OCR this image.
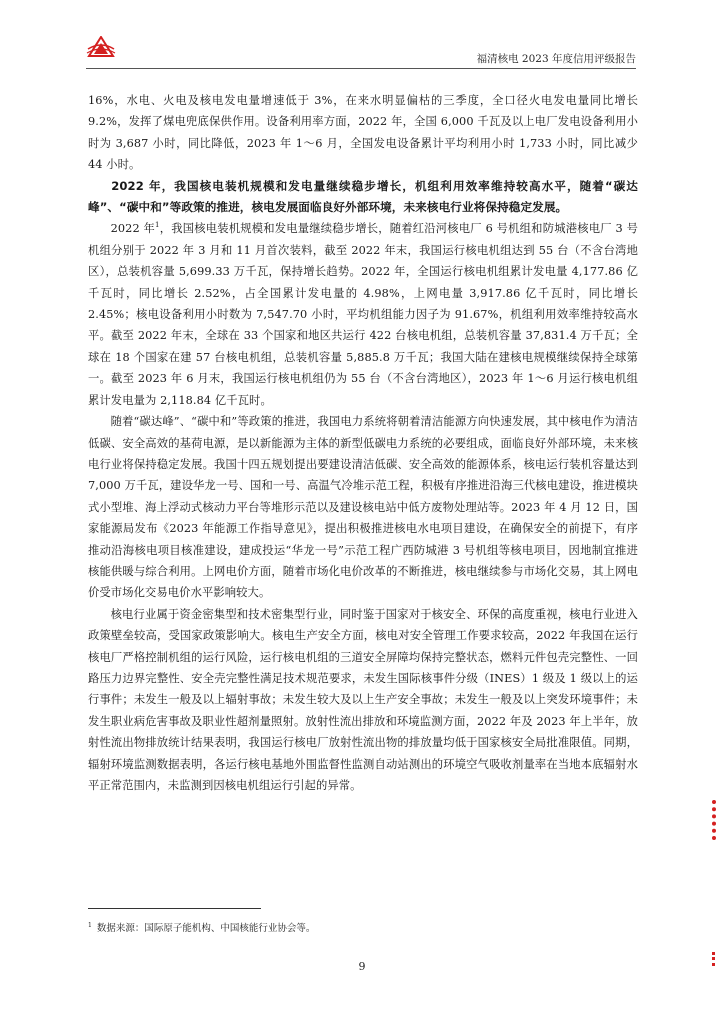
福清核电 2023 年度信用评级报告

16%，水电、火电及核电发电量增速低于 3%，在来水明显偏枯的三季度，全口径火电发电量同比增长 9.2%，发挥了煤电兜底保供作用。设备利用率方面，2022 年，全国 6,000 千瓦及以上电厂发电设备利用小时为 3,687 小时，同比降低，2023 年 1～6 月，全国发电设备累计平均利用小时 1,733 小时，同比减少 44 小时。

2022 年，我国核电装机规模和发电量继续稳步增长，机组利用效率维持较高水平，随着“碳达峰”、“碳中和”等政策的推进，核电发展面临良好外部环境，未来核电行业将保持稳定发展。

2022 年$^1$，我国核电装机规模和发电量继续稳步增长，随着红沿河核电厂 6 号机组和防城港核电厂 3 号机组分别于 2022 年 3 月和 11 月首次装料，截至 2022 年末，我国运行核电机组达到 55 台（不含台湾地区），总装机容量 5,699.33 万千瓦，保持增长趋势。2022 年，全国运行核电机组累计发电量 4,177.86 亿千瓦时，同比增长 2.52%，占全国累计发电量的 4.98%，上网电量 3,917.86 亿千瓦时，同比增长 2.45%；核电设备利用小时数为 7,547.70 小时，平均机组能力因子为 91.67%，机组利用效率维持较高水平。截至 2022 年末，全球在 33 个国家和地区共运行 422 台核电机组，总装机容量 37,831.4 万千瓦；全球在 18 个国家在建 57 台核电机组，总装机容量 5,885.8 万千瓦；我国大陆在建核电规模继续保持全球第一。截至 2023 年 6 月末，我国运行核电机组仍为 55 台（不含台湾地区），2023 年 1～6 月运行核电机组累计发电量为 2,118.84 亿千瓦时。

随着“碳达峰”、“碳中和”等政策的推进，我国电力系统将朝着清洁能源方向快速发展，其中核电作为清洁低碳、安全高效的基荷电源，是以新能源为主体的新型低碳电力系统的必要组成，面临良好外部环境，未来核电行业将保持稳定发展。我国十四五规划提出要建设清洁低碳、安全高效的能源体系，核电运行装机容量达到 7,000 万千瓦，建设华龙一号、国和一号、高温气冷堆示范工程，积极有序推进沿海三代核电建设，推进模块式小型堆、海上浮动式核动力平台等堆形示范以及建设核电站中低方废物处理站等。2023 年 4 月 12 日，国家能源局发布《2023 年能源工作指导意见》，提出积极推进核电水电项目建设，在确保安全的前提下，有序推动沿海核电项目核准建设，建成投运“华龙一号”示范工程广西防城港 3 号机组等核电项目，因地制宜推进核能供暖与综合利用。上网电价方面，随着市场化电价改革的不断推进，核电继续参与市场化交易，其上网电价受市场化交易电价水平影响较大。

核电行业属于资金密集型和技术密集型行业，同时鉴于国家对于核安全、环保的高度重视，核电行业进入政策壁垒较高，受国家政策影响大。核电生产安全方面，核电对安全管理工作要求较高，2022 年我国在运行核电厂严格控制机组的运行风险，运行核电机组的三道安全屏障均保持完整状态，燃料元件包壳完整性、一回路压力边界完整性、安全壳完整性满足技术规范要求，未发生国际核事件分级（INES）1 级及 1 级以上的运行事件；未发生一般及以上辐射事故；未发生较大及以上生产安全事故；未发生一般及以上突发环境事件；未发生职业病危害事故及职业性超剂量照射。放射性流出排放和环境监测方面，2022 年及 2023 年上半年，放射性流出物排放统计结果表明，我国运行核电厂放射性流出物的排放量均低于国家核安全局批准限值。同期，辐射环境监测数据表明，各运行核电基地外围监督性监测自动站测出的环境空气吸收剂量率在当地本底辐射水平正常范围内，未监测到因核电机组运行引起的异常。

$^1$ 数据来源：国际原子能机构、中国核能行业协会等。
9
